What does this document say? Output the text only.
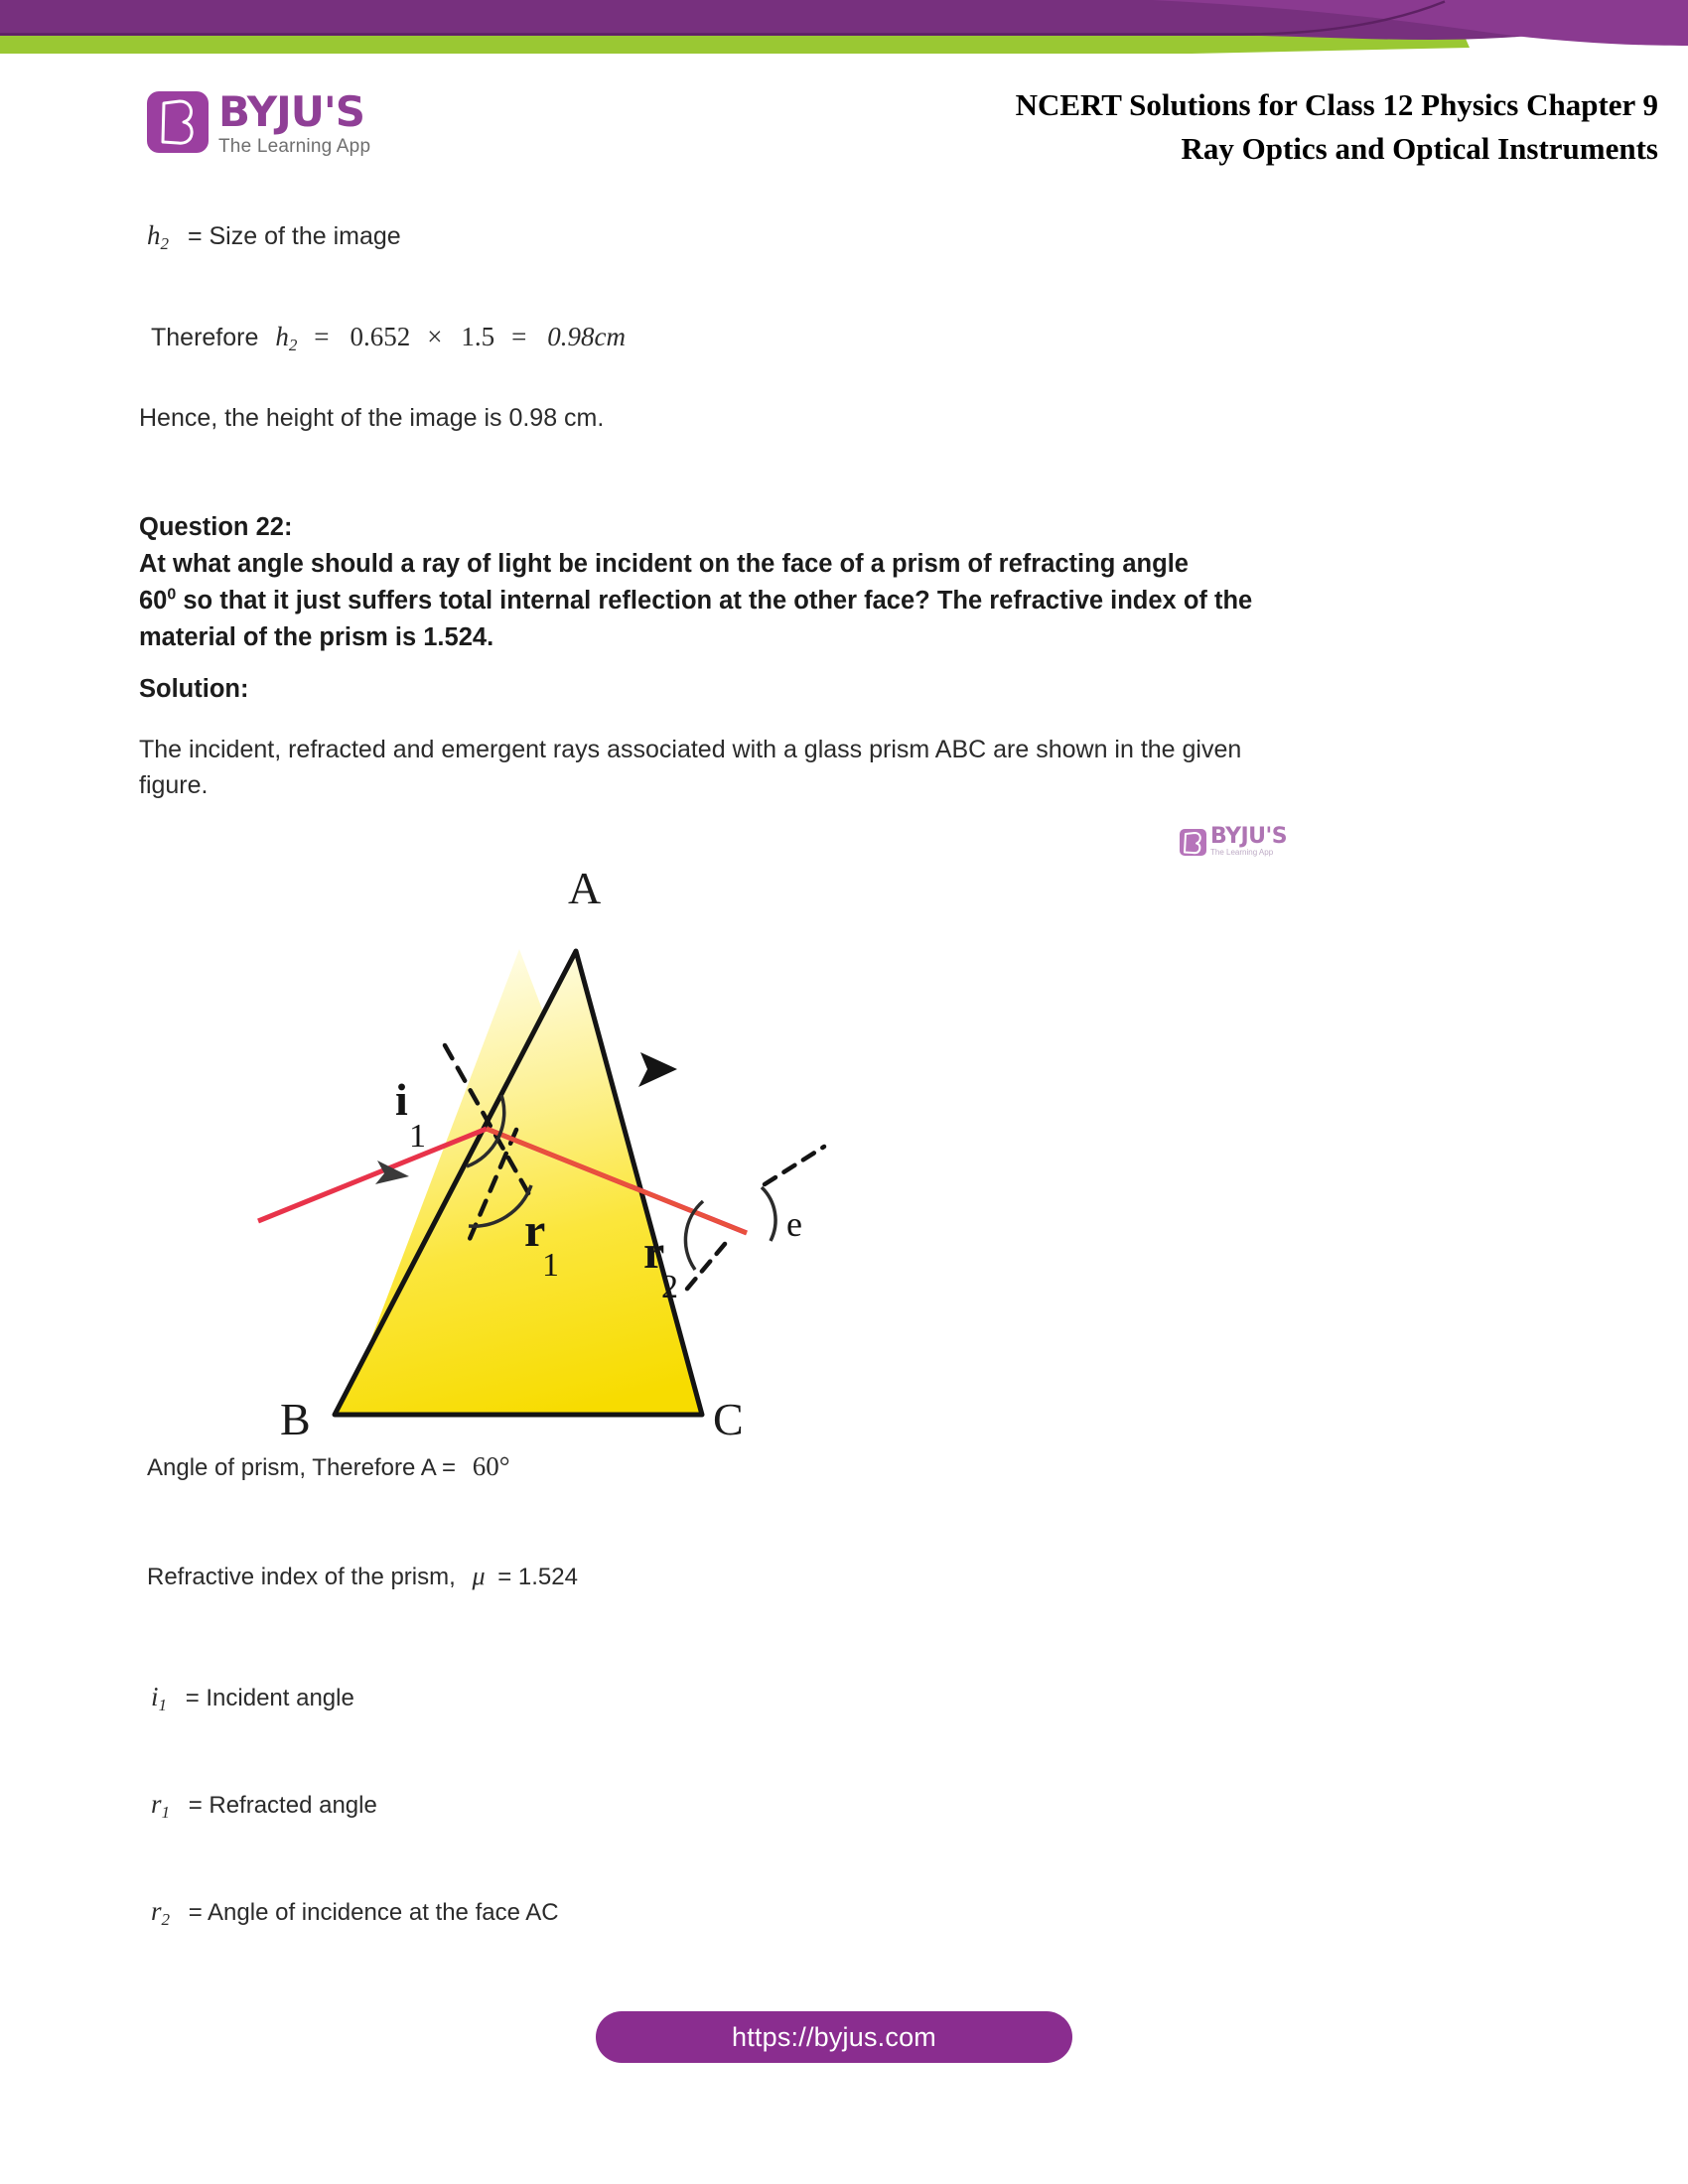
BYJU'S
The Learning App
NCERT Solutions for Class 12 Physics Chapter 9
Ray Optics and Optical Instruments
$h_2$ = Size of the image
Therefore $h_2 = 0.652 \times 1.5 = 0.98cm$
Hence, the height of the image is 0.98 cm.
Question 22:
At what angle should a ray of light be incident on the face of a prism of refracting angle
$60^0$ so that it just suffers total internal reflection at the other face? The refractive index of the
material of the prism is 1.524.
Solution:
The incident, refracted and emergent rays associated with a glass prism ABC are shown in the given
figure.
Angle of prism, Therefore A = 60°
Refractive index of the prism, μ = 1.524
$i_1$ = Incident angle
$r_1$ = Refracted angle
$r_2$ = Angle of incidence at the face AC
A
B	C
i
1
r
1 r
2
e
BYJU'S
The Learning App
https://byjus.com
